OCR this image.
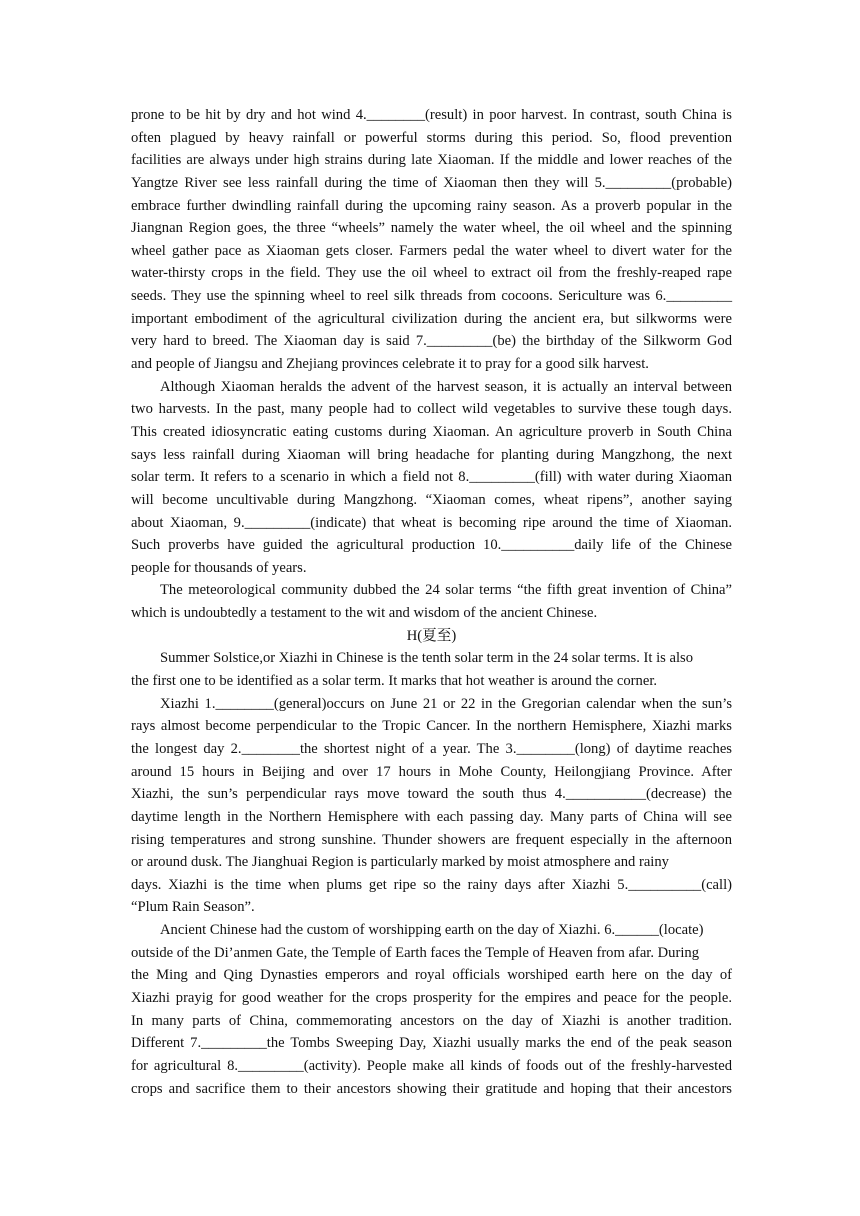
prone to be hit by dry and hot wind 4.________(result) in poor harvest. In contrast, south China is
often plagued by heavy rainfall or powerful storms during this period. So, flood prevention
facilities are always under high strains during late Xiaoman. If the middle and lower reaches of the
Yangtze River see less rainfall during the time of Xiaoman then they will 5._________(probable)
embrace further dwindling rainfall during the upcoming rainy season. As a proverb popular in the
Jiangnan Region goes, the three “wheels” namely the water wheel, the oil wheel and the spinning
wheel gather pace as Xiaoman gets closer. Farmers pedal the water wheel to divert water for the
water-thirsty crops in the field. They use the oil wheel to extract oil from the freshly-reaped rape
seeds. They use the spinning wheel to reel silk threads from cocoons. Sericulture was 6._________
important embodiment of the agricultural civilization during the ancient era, but silkworms were
very hard to breed. The Xiaoman day is said 7._________(be) the birthday of the Silkworm God
and people of Jiangsu and Zhejiang provinces celebrate it to pray for a good silk harvest.
Although Xiaoman heralds the advent of the harvest season, it is actually an interval between
two harvests. In the past, many people had to collect wild vegetables to survive these tough days.
This created idiosyncratic eating customs during Xiaoman. An agriculture proverb in South China
says less rainfall during Xiaoman will bring headache for planting during Mangzhong, the next
solar term. It refers to a scenario in which a field not 8._________(fill) with water during Xiaoman
will become uncultivable during Mangzhong. “Xiaoman comes, wheat ripens”, another saying
about Xiaoman, 9._________(indicate) that wheat is becoming ripe around the time of Xiaoman.
Such proverbs have guided the agricultural production 10.__________daily life of the Chinese
people for thousands of years.
The meteorological community dubbed the 24 solar terms “the fifth great invention of China”
which is undoubtedly a testament to the wit and wisdom of the ancient Chinese.
H(夏至)
Summer Solstice,or Xiazhi in Chinese is the tenth solar term in the 24 solar terms. It is also
the first one to be identified as a solar term. It marks that hot weather is around the corner.
Xiazhi 1.________(general)occurs on June 21 or 22 in the Gregorian calendar when the sun’s
rays almost become perpendicular to the Tropic Cancer. In the northern Hemisphere, Xiazhi marks
the longest day 2.________the shortest night of a year. The 3.________(long) of daytime reaches
around 15 hours in Beijing and over 17 hours in Mohe County, Heilongjiang Province. After
Xiazhi, the sun’s perpendicular rays move toward the south thus 4.___________(decrease) the
daytime length in the Northern Hemisphere with each passing day. Many parts of China will see
rising temperatures and strong sunshine. Thunder showers are frequent especially in the afternoon
or around dusk. The Jianghuai Region is particularly marked by moist atmosphere and rainy
days. Xiazhi is the time when plums get ripe so the rainy days after Xiazhi 5.__________(call)
“Plum Rain Season”.
Ancient Chinese had the custom of worshipping earth on the day of Xiazhi. 6.______(locate)
outside of the Di’anmen Gate, the Temple of Earth faces the Temple of Heaven from afar. During
the Ming and Qing Dynasties emperors and royal officials worshiped earth here on the day of
Xiazhi prayig for good weather for the crops prosperity for the empires and peace for the people.
In many parts of China, commemorating ancestors on the day of Xiazhi is another tradition.
Different 7._________the Tombs Sweeping Day, Xiazhi usually marks the end of the peak season
for agricultural 8._________(activity). People make all kinds of foods out of the freshly-harvested
crops and sacrifice them to their ancestors showing their gratitude and hoping that their ancestors
